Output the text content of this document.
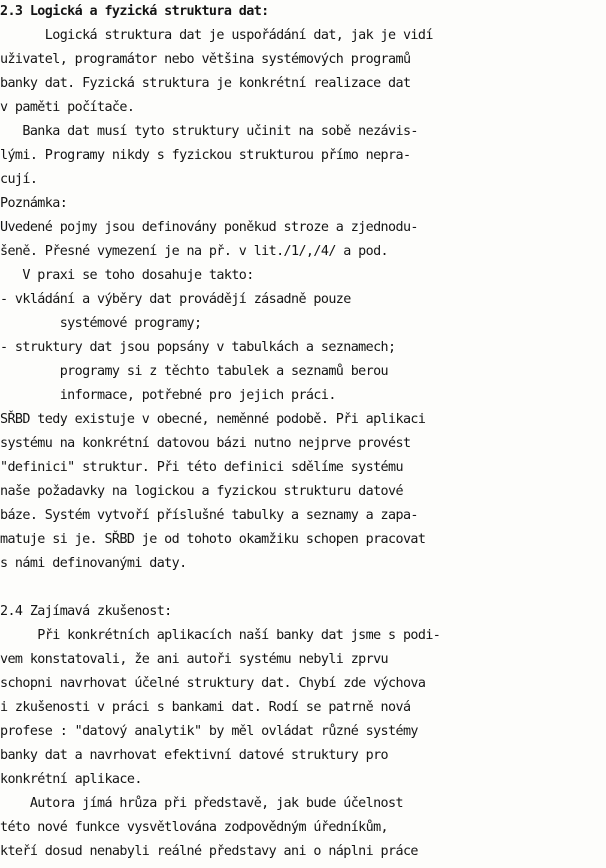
2.3 Logická a fyzická struktura dat:
Logická struktura dat je uspořádání dat, jak je vidí
uživatel, programátor nebo většina systémových programů
banky dat. Fyzická struktura je konkrétní realizace dat
v paměti počítače.
Banka dat musí tyto struktury učinit na sobě nezávis-
lými. Programy nikdy s fyzickou strukturou přímo nepra-
cují.
Poznámka:
Uvedené pojmy jsou definovány poněkud stroze a zjednodu-
šeně. Přesné vymezení je na př. v lit./1/,/4/ a pod.
V praxi se toho dosahuje takto:
- vkládání a výběry dat provádějí zásadně pouze
systémové programy;
- struktury dat jsou popsány v tabulkách a seznamech;
programy si z těchto tabulek a seznamů berou
informace, potřebné pro jejich práci.
SŘBD tedy existuje v obecné, neměnné podobě. Při aplikaci
systému na konkrétní datovou bázi nutno nejprve provést
"definici" struktur. Při této definici sdělíme systému
naše požadavky na logickou a fyzickou strukturu datové
báze. Systém vytvoří příslušné tabulky a seznamy a zapa-
matuje si je. SŘBD je od tohoto okamžiku schopen pracovat
s námi definovanými daty.
2.4 Zajímavá zkušenost:
Při konkrétních aplikacích naší banky dat jsme s podi-
vem konstatovali, že ani autoři systému nebyli zprvu
schopni navrhovat účelné struktury dat. Chybí zde výchova
i zkušenosti v práci s bankami dat. Rodí se patrně nová
profese : "datový analytik" by měl ovládat různé systémy
banky dat a navrhovat efektivní datové struktury pro
konkrétní aplikace.
Autora jímá hrůza při představě, jak bude účelnost
této nové funkce vysvětlována zodpovědným úředníkům,
kteří dosud nenabyli reálné představy ani o náplni práce
